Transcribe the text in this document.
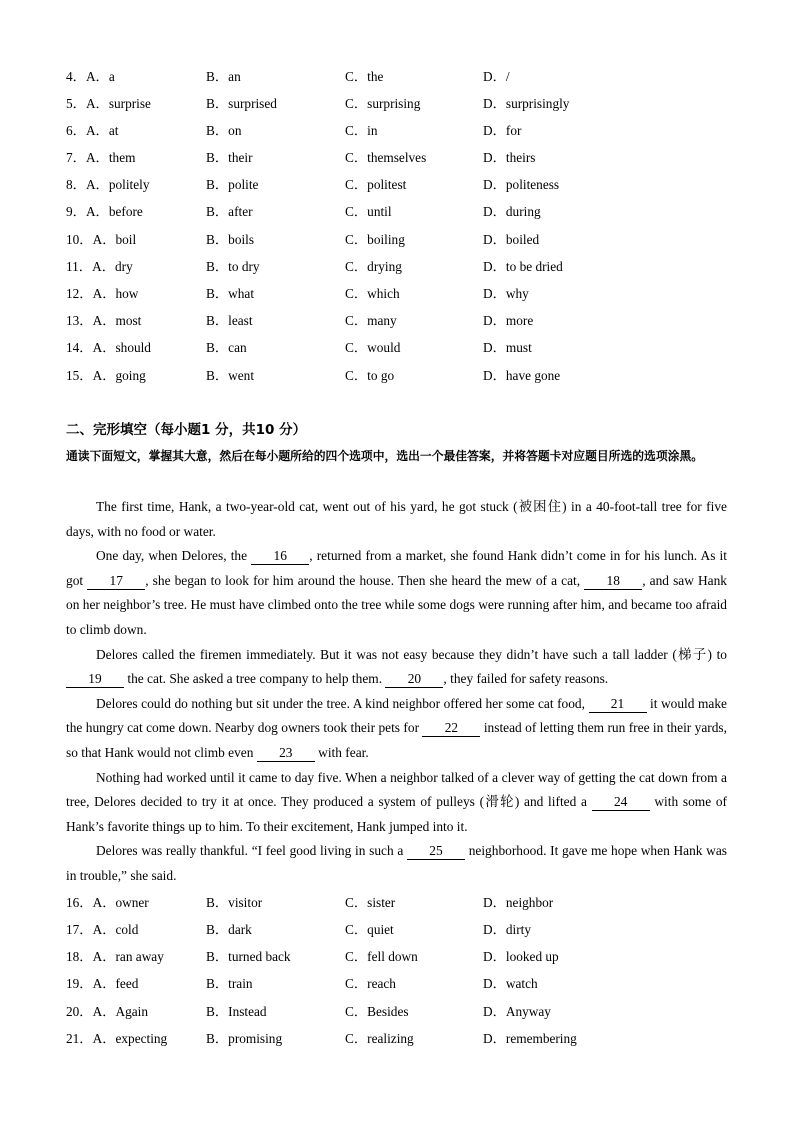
4．A．a	B．an	C．the	D．/
5．A．surprise	B．surprised	C．surprising	D．surprisingly
6．A．at	B．on	C．in	D．for
7．A．them	B．their	C．themselves	D．theirs
8．A．politely	B．polite	C．politest	D．politeness
9．A．before	B．after	C．until	D．during
10．A．boil	B．boils	C．boiling	D．boiled
11．A．dry	B．to dry	C．drying	D．to be dried
12．A．how	B．what	C．which	D．why
13．A．most	B．least	C．many	D．more
14．A．should	B．can	C．would	D．must
15．A．going	B．went	C．to go	D．have gone
二、完形填空（每小题1 分，共10 分）
通读下面短文，掌握其大意，然后在每小题所给的四个选项中，选出一个最佳答案，并将答题卡对应题目所选的选项涂黑。

The first time, Hank, a two-year-old cat, went out of his yard, he got stuck (被困住) in a 40-foot-tall tree for five days, with no food or water.

One day, when Delores, the 16 , returned from a market, she found Hank didn’t come in for his lunch. As it got 17 , she began to look for him around the house. Then she heard the mew of a cat, 18 , and saw Hank on her neighbor’s tree. He must have climbed onto the tree while some dogs were running after him, and became too afraid to climb down.

Delores called the firemen immediately. But it was not easy because they didn’t have such a tall ladder (梯子) to 19 the cat. She asked a tree company to help them. 20 , they failed for safety reasons.

Delores could do nothing but sit under the tree. A kind neighbor offered her some cat food, 21 it would make the hungry cat come down. Nearby dog owners took their pets for 22 instead of letting them run free in their yards, so that Hank would not climb even 23 with fear.

Nothing had worked until it came to day five. When a neighbor talked of a clever way of getting the cat down from a tree, Delores decided to try it at once. They produced a system of pulleys (滑轮) and lifted a 24 with some of Hank’s favorite things up to him. To their excitement, Hank jumped into it.

Delores was really thankful. “I feel good living in such a 25 neighborhood. It gave me hope when Hank was in trouble,” she said.

16．A．owner	B．visitor	C．sister	D．neighbor
17．A．cold	B．dark	C．quiet	D．dirty
18．A．ran away	B．turned back	C．fell down	D．looked up
19．A．feed	B．train	C．reach	D．watch
20．A．Again	B．Instead	C．Besides	D．Anyway
21．A．expecting	B．promising	C．realizing	D．remembering
